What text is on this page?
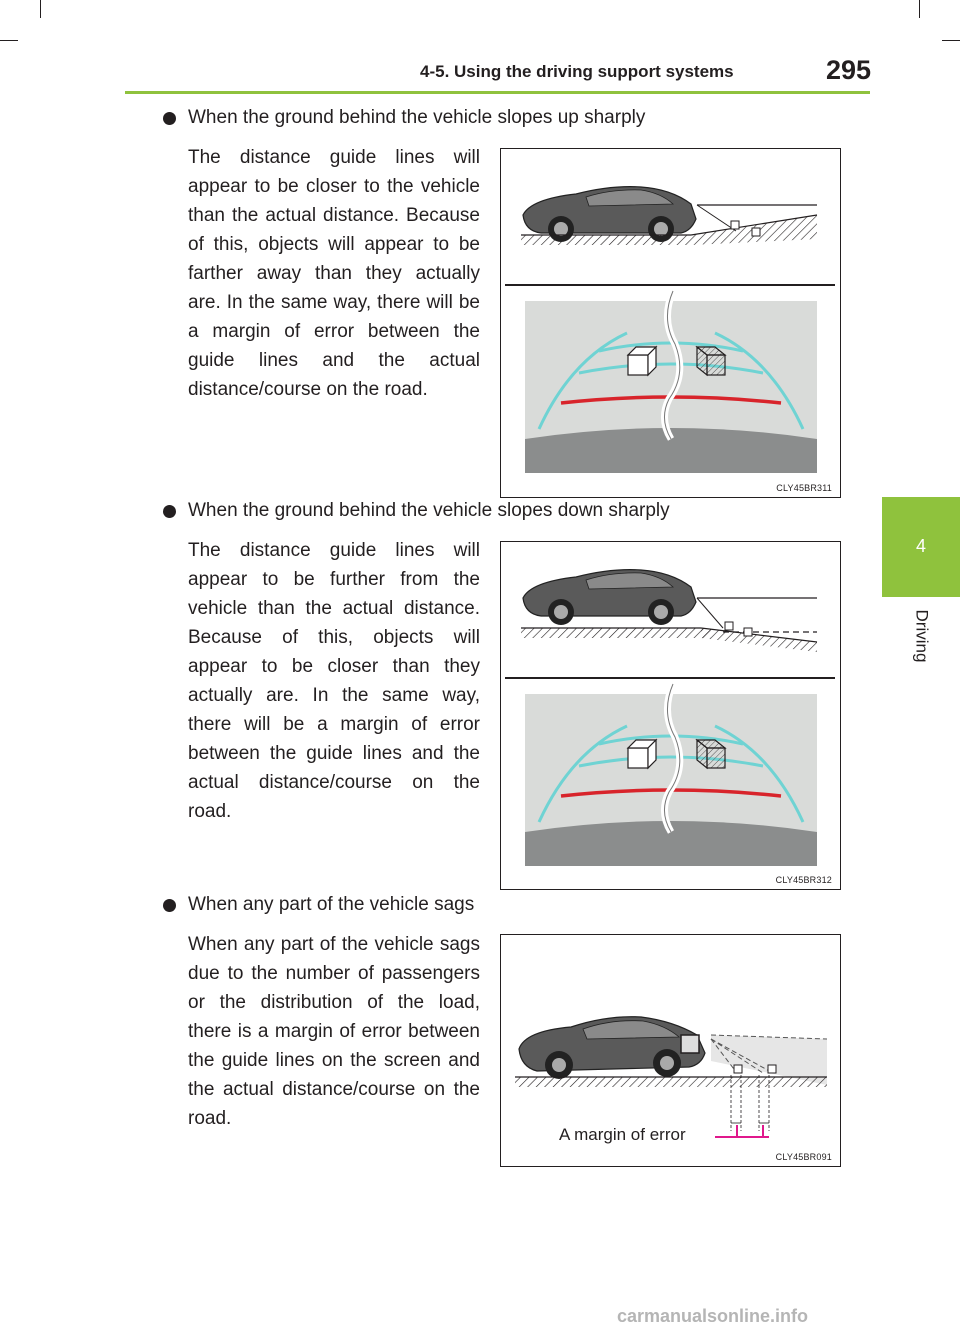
4-5. Using the driving support systems	295
4
Driving
When the ground behind the vehicle slopes up sharply

The distance guide lines will appear to be closer to the vehicle than the actual distance. Because of this, objects will appear to be farther away than they actually are. In the same way, there will be a margin of error between the guide lines and the actual distance/course on the road.

CLY45BR311
When the ground behind the vehicle slopes down sharply

The distance guide lines will appear to be further from the vehicle than the actual distance. Because of this, objects will appear to be closer than they actually are. In the same way, there will be a margin of error between the guide lines and the actual distance/course on the road.

CLY45BR312
When any part of the vehicle sags

When any part of the vehicle sags due to the number of passengers or the distribution of the load, there is a margin of error between the guide lines on the screen and the actual distance/course on the road.

A margin of error
CLY45BR091
carmanualsonline.info
